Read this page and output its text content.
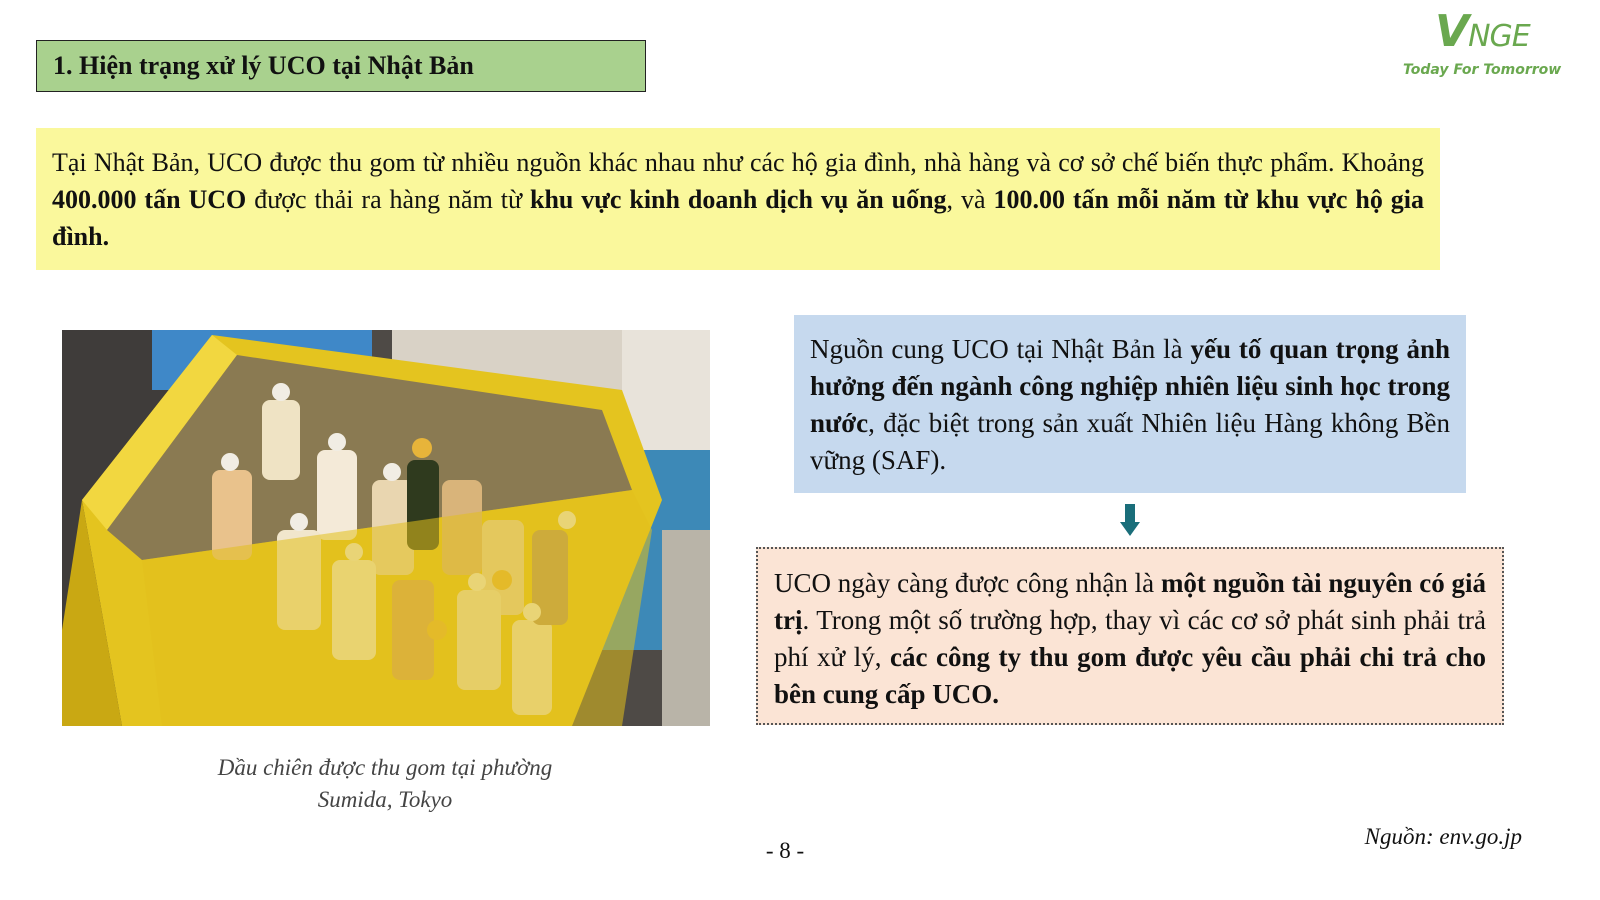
1. Hiện trạng xử lý UCO tại Nhật Bản
VNGE
Today For Tomorrow
Tại Nhật Bản, UCO được thu gom từ nhiều nguồn khác nhau như các hộ gia đình, nhà hàng và cơ sở chế biến thực phẩm. Khoảng 400.000 tấn UCO được thải ra hàng năm từ khu vực kinh doanh dịch vụ ăn uống, và 100.00 tấn mỗi năm từ khu vực hộ gia đình.
Dầu chiên được thu gom tại phường
Sumida, Tokyo
Nguồn cung UCO tại Nhật Bản là yếu tố quan trọng ảnh hưởng đến ngành công nghiệp nhiên liệu sinh học trong nước, đặc biệt trong sản xuất Nhiên liệu Hàng không Bền vững (SAF).
UCO ngày càng được công nhận là một nguồn tài nguyên có giá trị. Trong một số trường hợp, thay vì các cơ sở phát sinh phải trả phí xử lý, các công ty thu gom được yêu cầu phải chi trả cho bên cung cấp UCO.
- 8 -
Nguồn: env.go.jp
